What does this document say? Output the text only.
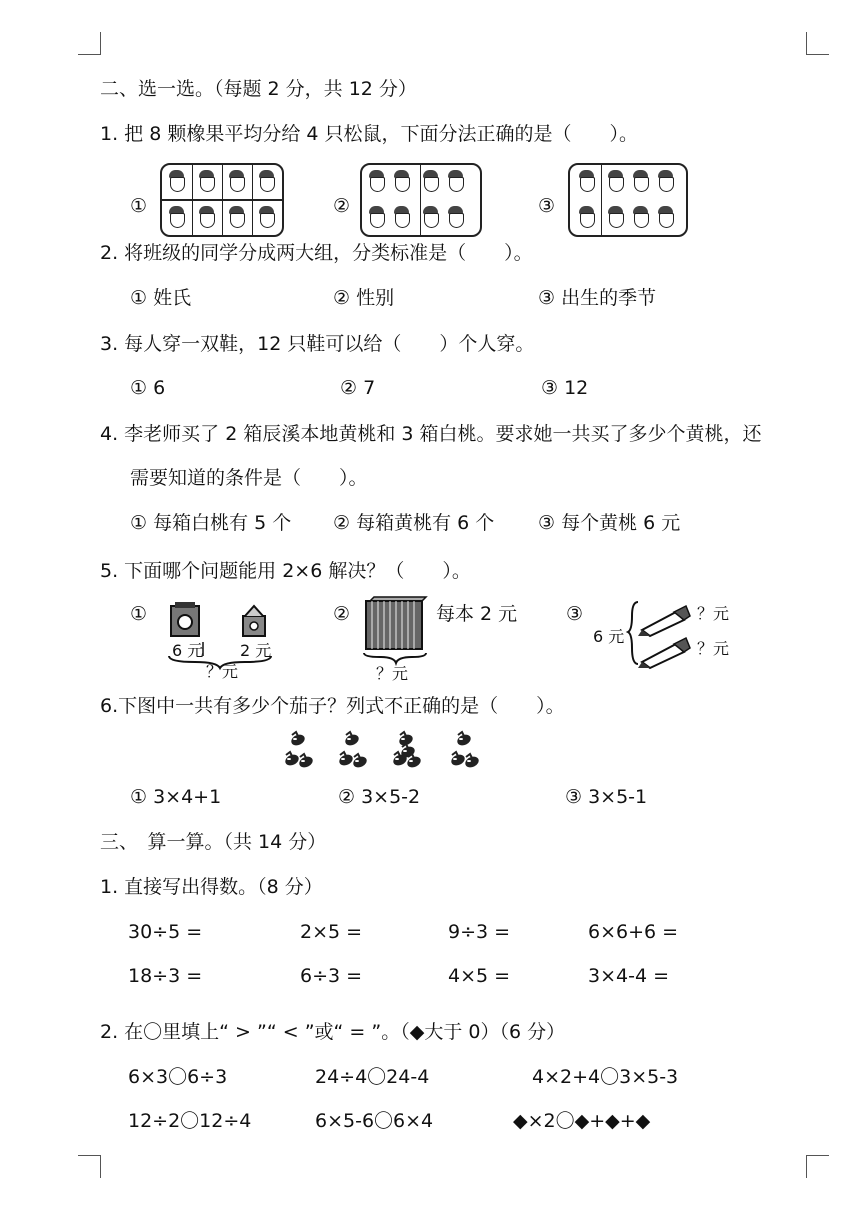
二、选一选。（每题 2 分，共 12 分）
1. 把 8 颗橡果平均分给 4 只松鼠，下面分法正确的是（　　）。
①	②	③
2. 将班级的同学分成两大组，分类标准是（　　）。
① 姓氏	② 性别	③ 出生的季节
3. 每人穿一双鞋，12 只鞋可以给（　　）个人穿。
① 6	② 7	③ 12
4. 李老师买了 2 箱辰溪本地黄桃和 3 箱白桃。要求她一共买了多少个黄桃，还
需要知道的条件是（　　）。
① 每箱白桃有 5 个 ② 每箱黄桃有 6 个 ③ 每个黄桃 6 元
5. 下面哪个问题能用 2×6 解决？（　　）。
①	②	③
6 元 2 元
？元
每本 2 元
？元
6 元
？元
？元
6.下图中一共有多少个茄子？列式不正确的是（　　）。
① 3×4+1	② 3×5-2	③ 3×5-1
三、　算一算。（共 14 分）
1. 直接写出得数。（8 分）
30÷5 =	2×5 =	9÷3 =	6×6+6 =
18÷3 =	6÷3 =	4×5 =	3×4-4 =
2. 在〇里填上“ > ”“ < ”或“ = ”。（◆大于 0）（6 分）
6×3〇6÷3	24÷4〇24-4	4×2+4〇3×5-3
12÷2〇12÷4	6×5-6〇6×4	◆×2〇◆+◆+◆
